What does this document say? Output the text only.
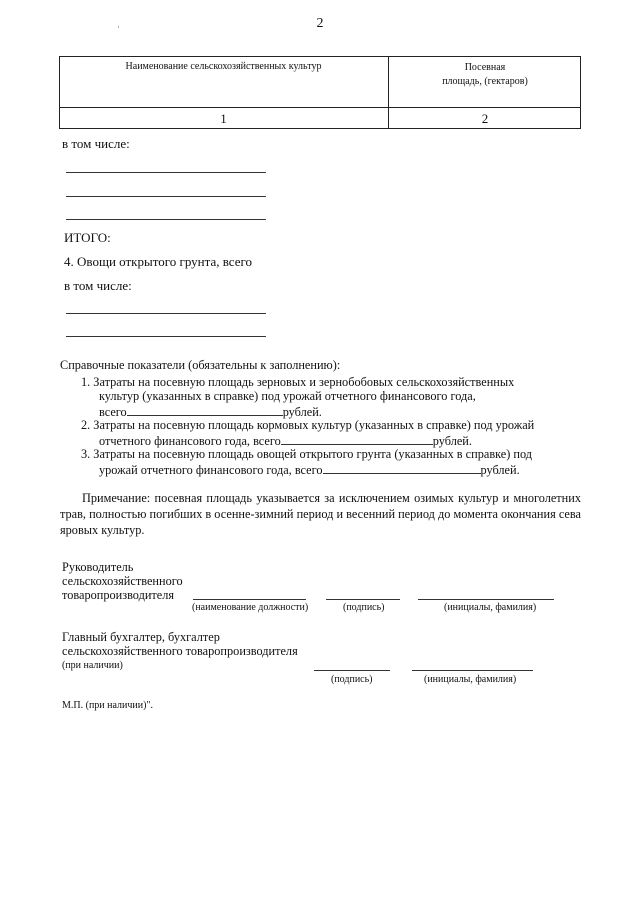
2
·
Наименование сельскохозяйственных культур	Посевная
площадь, (гектаров)
1	2
в том числе:
ИТОГО:
4. Овощи открытого грунта, всего
в том числе:
Справочные показатели (обязательны к заполнению):
1. Затраты на посевную площадь зерновых и зернобобовых сельскохозяйственных
культур (указанных в справке) под урожай отчетного финансового года,
всего	рублей.
2. Затраты на посевную площадь кормовых культур (указанных в справке) под урожай
отчетного финансового года, всего	рублей.
3. Затраты на посевную площадь овощей открытого грунта (указанных в справке) под
урожай отчетного финансового года, всего	рублей.
Примечание: посевная площадь указывается за исключением озимых культур и многолетних трав, полностью погибших в осенне-зимний период и весенний период до момента окончания сева яровых культур.
Руководитель
сельскохозяйственного
товаропроизводителя
(наименование должности)	(подпись)	(инициалы, фамилия)
Главный бухгалтер, бухгалтер
сельскохозяйственного товаропроизводителя
(при наличии)
(подпись)	(инициалы, фамилия)
М.П. (при наличии)".
